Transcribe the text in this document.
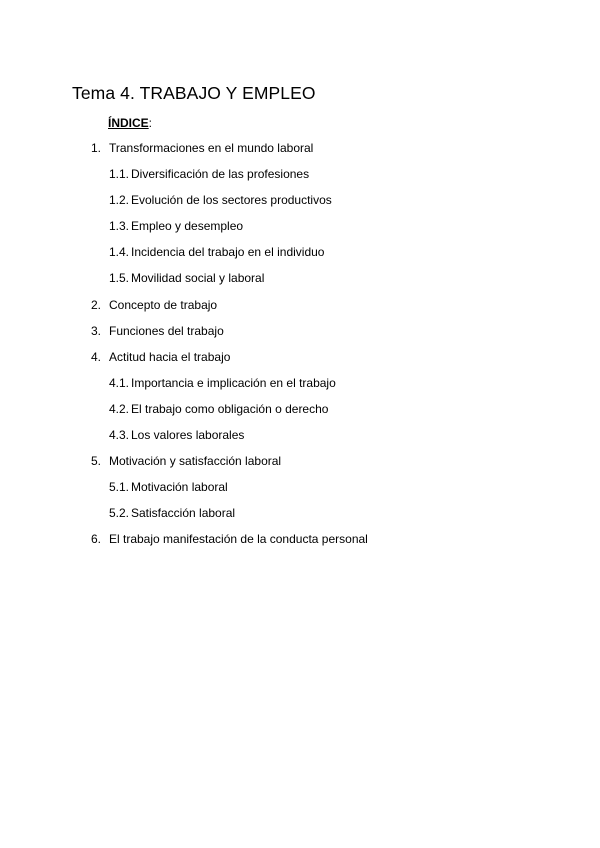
Tema 4. TRABAJO Y EMPLEO
ÍNDICE:
1. Transformaciones en el mundo laboral
1.1. Diversificación de las profesiones
1.2. Evolución de los sectores productivos
1.3. Empleo y desempleo
1.4. Incidencia del trabajo en el individuo
1.5. Movilidad social y laboral
2. Concepto de trabajo
3. Funciones del trabajo
4. Actitud hacia el trabajo
4.1. Importancia e implicación en el trabajo
4.2. El trabajo como obligación o derecho
4.3. Los valores laborales
5. Motivación y satisfacción laboral
5.1. Motivación laboral
5.2. Satisfacción laboral
6. El trabajo manifestación de la conducta personal
